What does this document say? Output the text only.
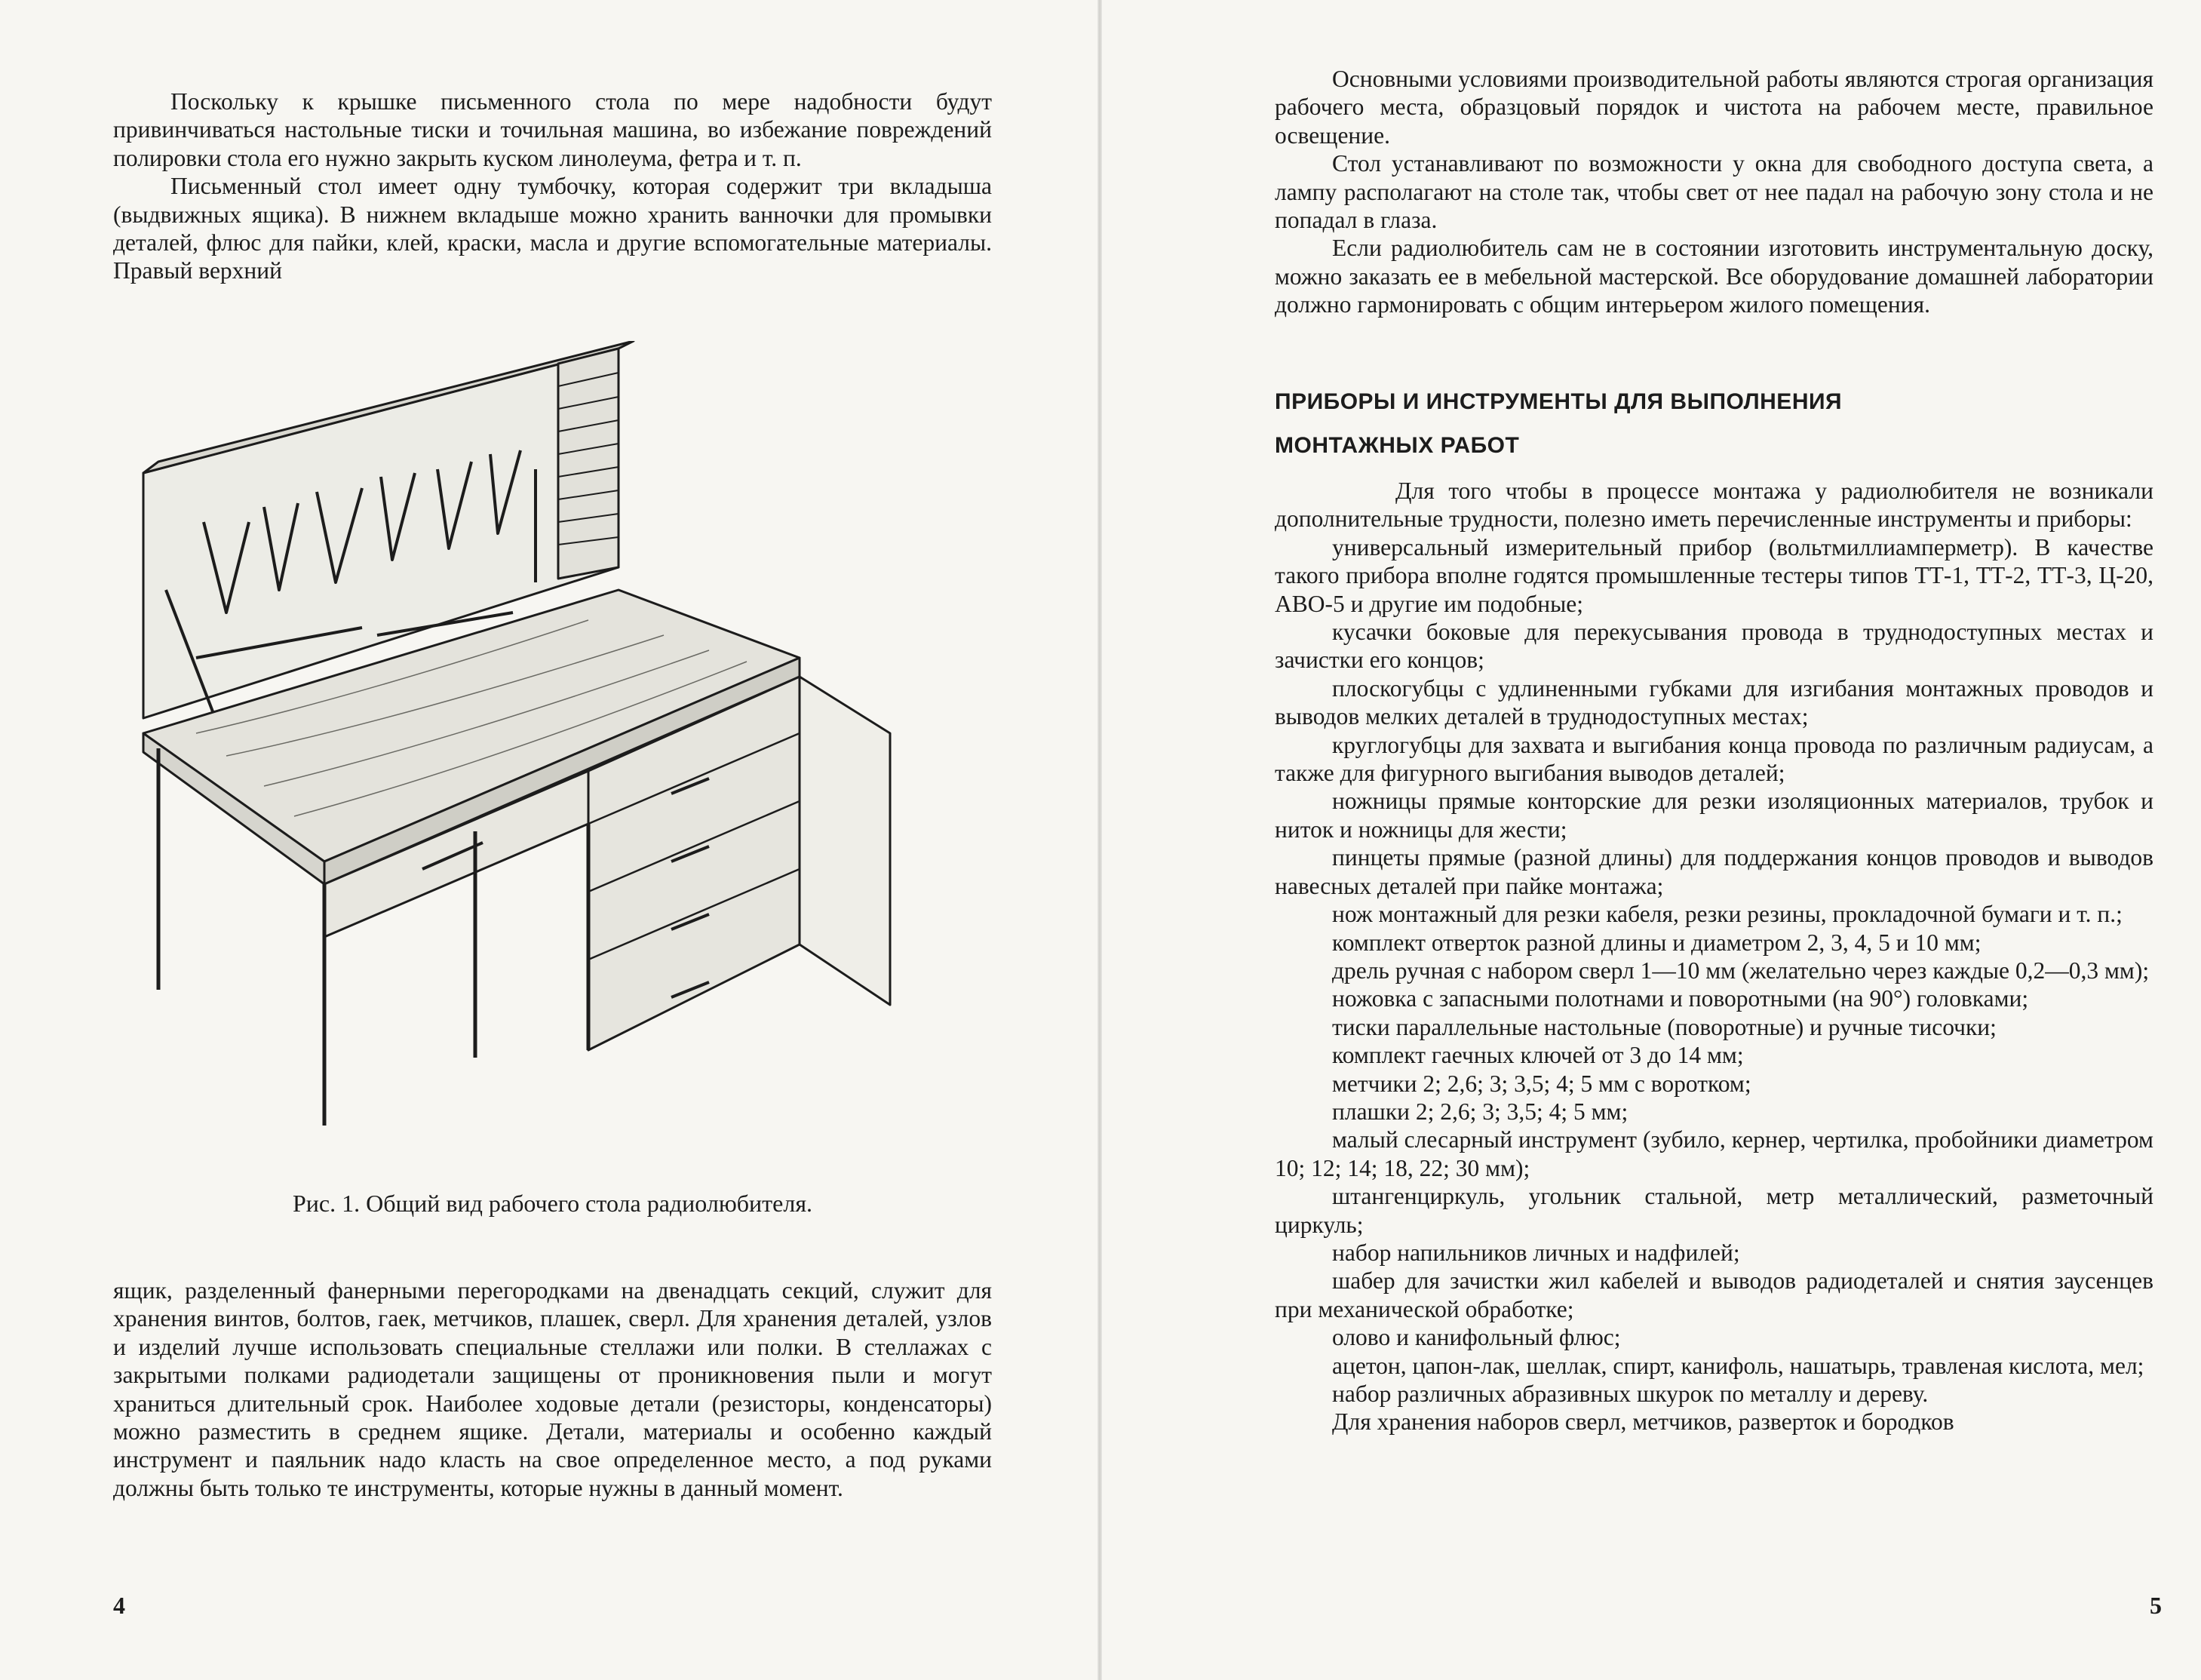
Поскольку к крышке письменного стола по мере надобности будут привинчиваться настольные тиски и точильная машина, во избежание повреждений полировки стола его нужно закрыть куском линолеума, фетра и т. п.

Письменный стол имеет одну тумбочку, которая содержит три вкладыша (выдвижных ящика). В нижнем вкладыше можно хранить ванночки для промывки деталей, флюс для пайки, клей, краски, масла и другие вспомогательные материалы. Правый верхний

Рис. 1. Общий вид рабочего стола радиолюбителя.

ящик, разделенный фанерными перегородками на двенадцать секций, служит для хранения винтов, болтов, гаек, метчиков, плашек, сверл. Для хранения деталей, узлов и изделий лучше использовать специальные стеллажи или полки. В стеллажах с закрытыми полками радиодетали защищены от проникновения пыли и могут храниться длительный срок. Наиболее ходовые детали (резисторы, конденсаторы) можно разместить в среднем ящике. Детали, материалы и особенно каждый инструмент и паяльник надо класть на свое определенное место, а под руками должны быть только те инструменты, которые нужны в данный момент.

4

Основными условиями производительной работы являются строгая организация рабочего места, образцовый порядок и чистота на рабочем месте, правильное освещение.

Стол устанавливают по возможности у окна для свободного доступа света, а лампу располагают на столе так, чтобы свет от нее падал на рабочую зону стола и не попадал в глаза.

Если радиолюбитель сам не в состоянии изготовить инструментальную доску, можно заказать ее в мебельной мастерской. Все оборудование домашней лаборатории должно гармонировать с общим интерьером жилого помещения.

ПРИБОРЫ И ИНСТРУМЕНТЫ ДЛЯ ВЫПОЛНЕНИЯ
МОНТАЖНЫХ РАБОТ

Для того чтобы в процессе монтажа у радиолюбителя не возникали дополнительные трудности, полезно иметь перечисленные инструменты и приборы:

универсальный измерительный прибор (вольтмиллиамперметр). В качестве такого прибора вполне годятся промышленные тестеры типов ТТ-1, ТТ-2, ТТ-3, Ц-20, АВО-5 и другие им подобные;

кусачки боковые для перекусывания провода в труднодоступных местах и зачистки его концов;

плоскогубцы с удлиненными губками для изгибания монтажных проводов и выводов мелких деталей в труднодоступных местах;

круглогубцы для захвата и выгибания конца провода по различным радиусам, а также для фигурного выгибания выводов деталей;

ножницы прямые конторские для резки изоляционных материалов, трубок и ниток и ножницы для жести;

пинцеты прямые (разной длины) для поддержания концов проводов и выводов навесных деталей при пайке монтажа;

нож монтажный для резки кабеля, резки резины, прокладочной бумаги и т. п.;

комплект отверток разной длины и диаметром 2, 3, 4, 5 и 10 мм;

дрель ручная с набором сверл 1—10 мм (желательно через каждые 0,2—0,3 мм);

ножовка с запасными полотнами и поворотными (на 90°) головками;

тиски параллельные настольные (поворотные) и ручные тисочки;

комплект гаечных ключей от 3 до 14 мм;

метчики 2; 2,6; 3; 3,5; 4; 5 мм с воротком;

плашки 2; 2,6; 3; 3,5; 4; 5 мм;

малый слесарный инструмент (зубило, кернер, чертилка, пробойники диаметром 10; 12; 14; 18, 22; 30 мм);

штангенциркуль, угольник стальной, метр металлический, разметочный циркуль;

набор напильников личных и надфилей;

шабер для зачистки жил кабелей и выводов радиодеталей и снятия заусенцев при механической обработке;

олово и канифольный флюс;

ацетон, цапон-лак, шеллак, спирт, канифоль, нашатырь, травленая кислота, мел;

набор различных абразивных шкурок по металлу и дереву.

Для хранения наборов сверл, метчиков, разверток и бородков

5
